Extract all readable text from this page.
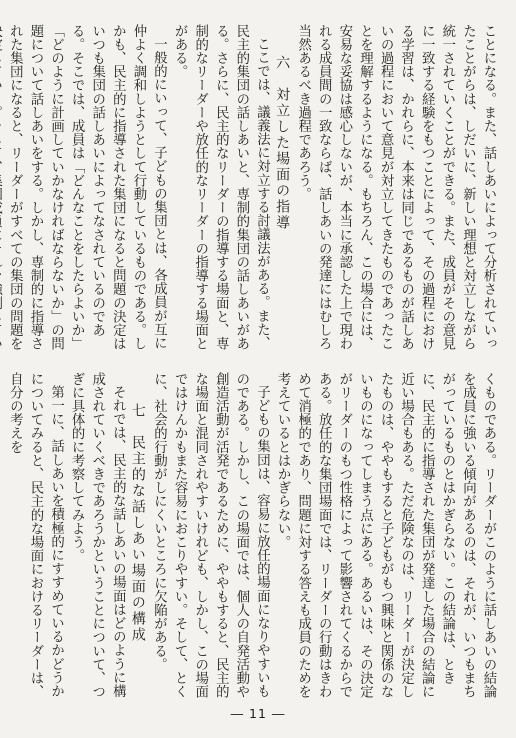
ことになる。また、話しあいによって分析されていったことがらは、しだいに、新しい理想と対立しながら統一されていくことができる。また、成員がその意見に一致する経験をもつことによって、その過程における学習は、かれらに、本来は同じであるものが話しあいの過程において意見が対立してきたものであったことを理解するようになる。もちろん、この場合には、安易な妥協は感心しないが、本当に承認した上で現われる成員間の一致ならば、話しあいの発達にはむしろ当然あるべき過程であろう。

六　対立した場面の指導

ここでは、議義法に対立する討議法がある。また、民主的集団の話しあいと、専制的集団の話しあいがある。さらに、民主的なリーダーの指導する場面と、専制的なリーダーや放任的なリーダーの指導する場面とがある。

一般的にいって、子どもの集団とは、各成員が互に仲よく調和しようとして行動しているものである。しかも、民主的に指導された集団になると問題の決定はいつも集団の話しあいによってなされているのである。そこでは、成員は「どんなことをしたらよいか」「どのように計画していかなければならないか」の問題について話しあいをする。しかし、専制的に指導された集団になると、リーダーがすべての集団の問題を

くものである。リーダーがこのように話しあいの結論を成員に強いる傾向があるのは、それが、いつもまちがっているものとはかぎらない。この結論は、ときに、民主的に指導された集団が発達した場合の結論に近い場合もある。ただ危険なのは、リーダーが決定したものは、ややもすると子どもがもつ興味と関係のないものになってしまう点にある。あるいは、その決定がリーダーのもつ性格によって影響されてくるからである。放任的な集団場面では、リーダーの行動はきわめて消極的であり、問題に対する答えも成員のためを考えているとはかぎらない。

子どもの集団は、容易に放任的場面になりやすいものである。しかし、この場面では、個人の自発活動や創造活動が活発であるために、ややもすると、民主的な場面と混同されやすいけれども、しかし、この場面ではけんかもまた容易におこりやすい。そして、とくに、社会的行動がしにくいところに欠陥がある。

七　民主的な話しあい場面の構成

それでは、民主的な話しあいの場面はどのように構成されていくべきであろうかということについて、つぎに具体的に考察してみよう。

第一に、話しあいを積極的にすすめているかどうかについてみると、民主的な場面におけるリーダーは、自分の考えを

― 11 ―
